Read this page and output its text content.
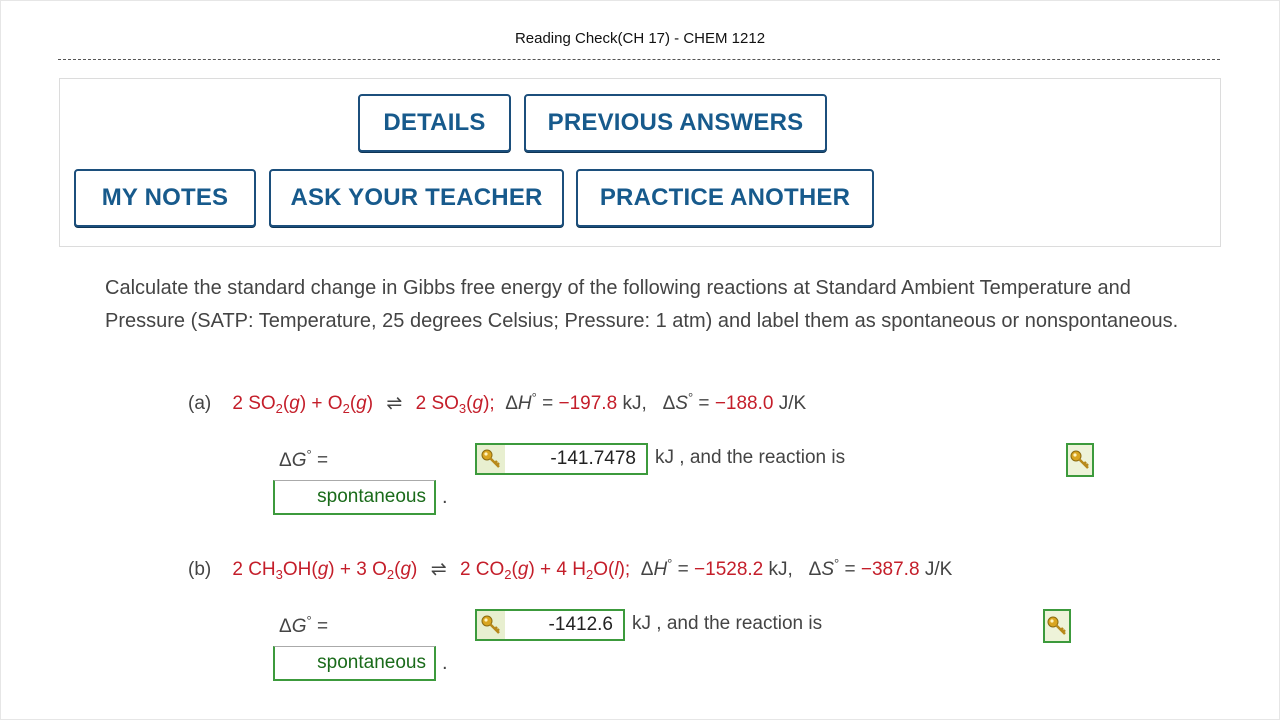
Reading Check(CH 17) - CHEM 1212
DETAILS	PREVIOUS ANSWERS
MY NOTES	ASK YOUR TEACHER	PRACTICE ANOTHER
Calculate the standard change in Gibbs free energy of the following reactions at Standard Ambient Temperature and Pressure (SATP: Temperature, 25 degrees Celsius; Pressure: 1 atm) and label them as spontaneous or nonspontaneous.
(a) 2 $SO_2(g) + O_2(g)$ ⇌ 2 $SO_3(g)$;  ΔH° = −197.8 kJ,   ΔS° = −188.0 J/K
ΔG° =	-141.7478	kJ , and the reaction is
spontaneous .
(b) 2 $CH_3OH(g) + 3$ $O_2(g)$ ⇌ 2 $CO_2(g) + 4$ $H_2O(l)$;  ΔH° = −1528.2 kJ,   ΔS° = −387.8 J/K
ΔG° =	-1412.6	kJ , and the reaction is
spontaneous .
